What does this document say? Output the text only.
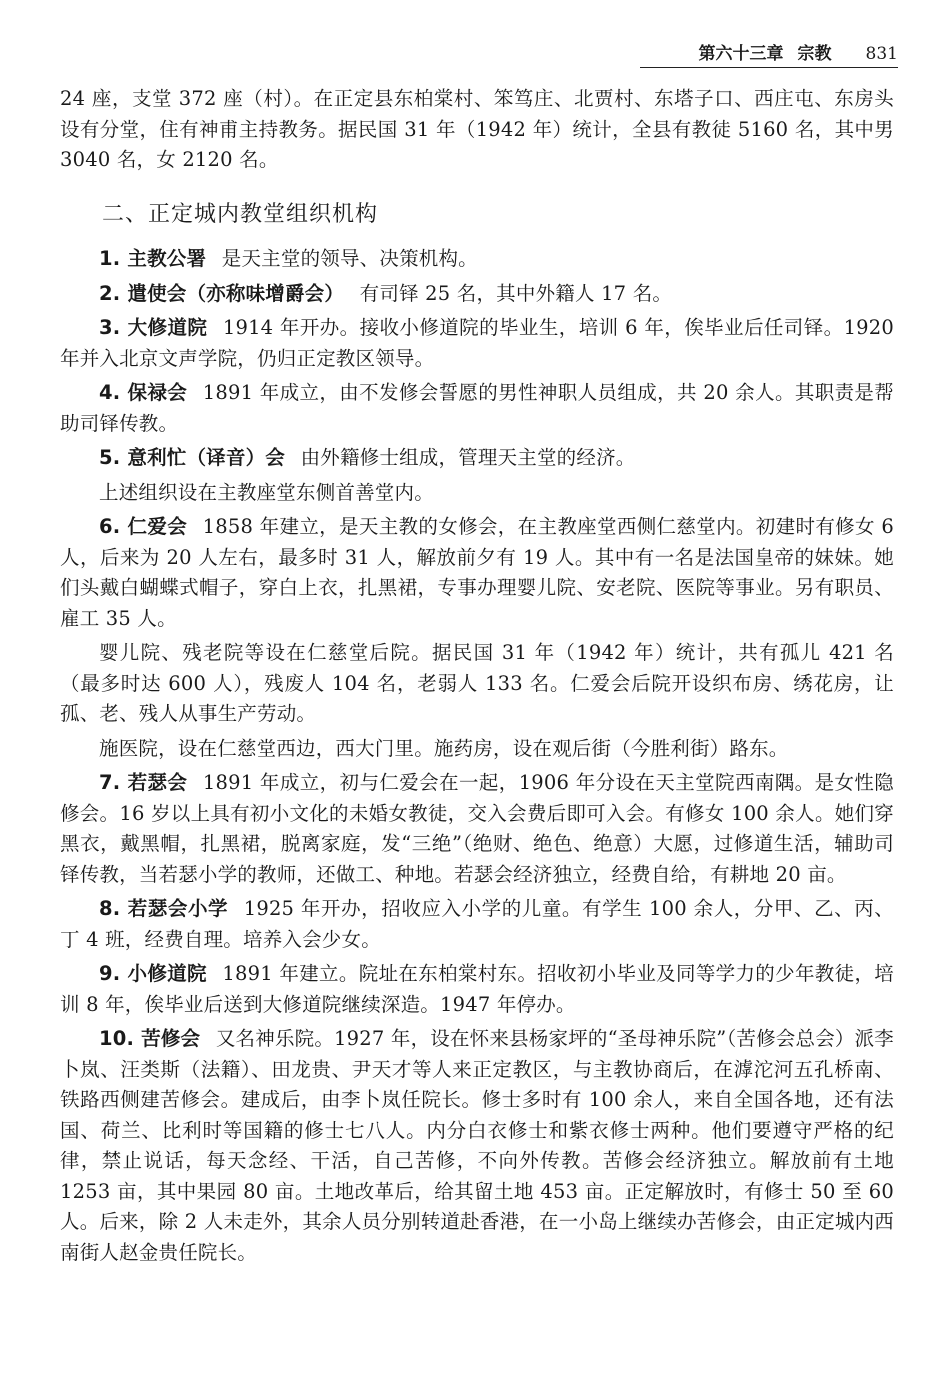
第六十三章 宗教 831

24 座，支堂 372 座（村）。在正定县东柏棠村、笨笃庄、北贾村、东塔子口、西庄屯、东房头设有分堂，住有神甫主持教务。据民国 31 年（1942 年）统计，全县有教徒 5160 名，其中男 3040 名，女 2120 名。

二、正定城内教堂组织机构

1. 主教公署 是天主堂的领导、决策机构。

2. 遣使会（亦称味增爵会） 有司铎 25 名，其中外籍人 17 名。

3. 大修道院 1914 年开办。接收小修道院的毕业生，培训 6 年，俟毕业后任司铎。1920 年并入北京文声学院，仍归正定教区领导。

4. 保禄会 1891 年成立，由不发修会誓愿的男性神职人员组成，共 20 余人。其职责是帮助司铎传教。

5. 意利忙（译音）会 由外籍修士组成，管理天主堂的经济。

上述组织设在主教座堂东侧首善堂内。

6. 仁爱会 1858 年建立，是天主教的女修会，在主教座堂西侧仁慈堂内。初建时有修女 6 人，后来为 20 人左右，最多时 31 人，解放前夕有 19 人。其中有一名是法国皇帝的妹妹。她们头戴白蝴蝶式帽子，穿白上衣，扎黑裙，专事办理婴儿院、安老院、医院等事业。另有职员、雇工 35 人。

婴儿院、残老院等设在仁慈堂后院。据民国 31 年（1942 年）统计，共有孤儿 421 名（最多时达 600 人），残废人 104 名，老弱人 133 名。仁爱会后院开设织布房、绣花房，让孤、老、残人从事生产劳动。

施医院，设在仁慈堂西边，西大门里。施药房，设在观后街（今胜利街）路东。

7. 若瑟会 1891 年成立，初与仁爱会在一起，1906 年分设在天主堂院西南隅。是女性隐修会。16 岁以上具有初小文化的未婚女教徒，交入会费后即可入会。有修女 100 余人。她们穿黑衣，戴黑帽，扎黑裙，脱离家庭，发“三绝”（绝财、绝色、绝意）大愿，过修道生活，辅助司铎传教，当若瑟小学的教师，还做工、种地。若瑟会经济独立，经费自给，有耕地 20 亩。

8. 若瑟会小学 1925 年开办，招收应入小学的儿童。有学生 100 余人，分甲、乙、丙、丁 4 班，经费自理。培养入会少女。

9. 小修道院 1891 年建立。院址在东柏棠村东。招收初小毕业及同等学力的少年教徒，培训 8 年，俟毕业后送到大修道院继续深造。1947 年停办。

10. 苦修会 又名神乐院。1927 年，设在怀来县杨家坪的“圣母神乐院”（苦修会总会）派李卜岚、汪类斯（法籍）、田龙贵、尹天才等人来正定教区，与主教协商后，在滹沱河五孔桥南、铁路西侧建苦修会。建成后，由李卜岚任院长。修士多时有 100 余人，来自全国各地，还有法国、荷兰、比利时等国籍的修士七八人。内分白衣修士和紫衣修士两种。他们要遵守严格的纪律，禁止说话，每天念经、干活，自己苦修，不向外传教。苦修会经济独立。解放前有土地 1253 亩，其中果园 80 亩。土地改革后，给其留土地 453 亩。正定解放时，有修士 50 至 60 人。后来，除 2 人未走外，其余人员分别转道赴香港，在一小岛上继续办苦修会，由正定城内西南街人赵金贵任院长。
